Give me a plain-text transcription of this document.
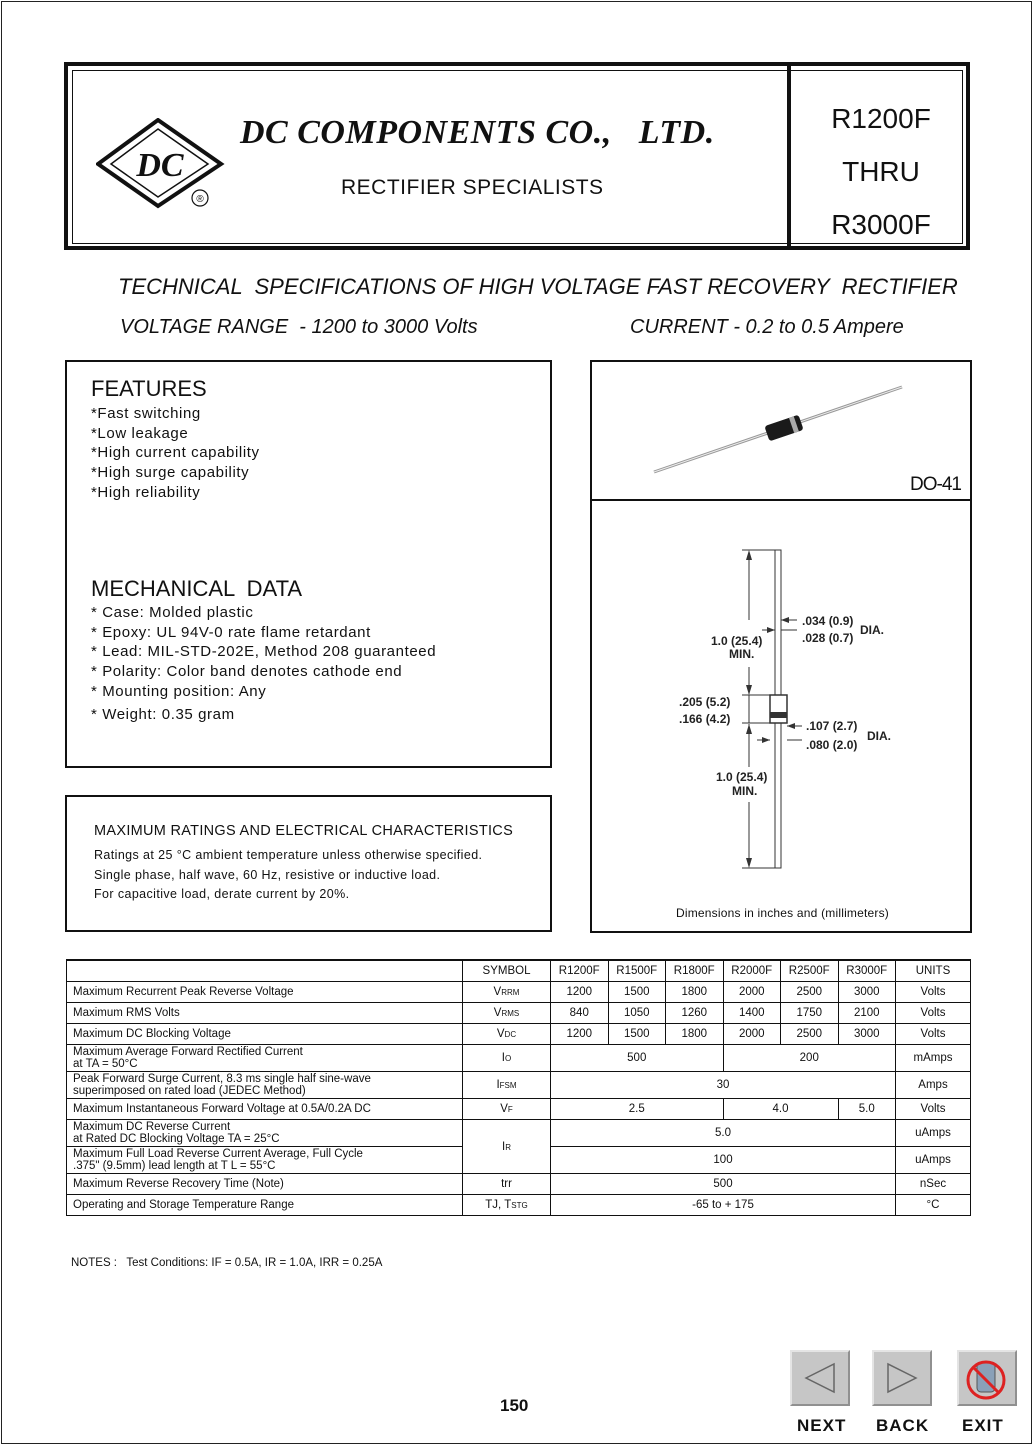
DC
®
DC COMPONENTS CO.,   LTD.
RECTIFIER SPECIALISTS
R1200F
THRU
R3000F
TECHNICAL  SPECIFICATIONS OF HIGH VOLTAGE FAST RECOVERY  RECTIFIER
VOLTAGE RANGE  - 1200 to 3000 Volts	CURRENT - 0.2 to 0.5 Ampere
FEATURES
*Fast switching
*Low leakage
*High current capability
*High surge capability
*High reliability
MECHANICAL  DATA
* Case: Molded plastic
* Epoxy: UL 94V-0 rate flame retardant
* Lead: MIL-STD-202E, Method 208 guaranteed
* Polarity: Color band denotes cathode end
* Mounting position: Any
* Weight: 0.35 gram
MAXIMUM RATINGS AND ELECTRICAL CHARACTERISTICS
Ratings at 25 °C ambient temperature unless otherwise specified.
Single phase, half wave, 60 Hz, resistive or inductive load.
For capacitive load, derate current by 20%.
DO-41
1.0 (25.4)
MIN.
.034 (0.9)
.028 (0.7)
DIA.
.205 (5.2)
.166 (4.2)	.107 (2.7)
.080 (2.0)
DIA.
1.0 (25.4)
MIN.
Dimensions in inches and (millimeters)
	SYMBOL	R1200F	R1500F	R1800F	R2000F	R2500F	R3000F	UNITS
Maximum Recurrent Peak Reverse Voltage	VRRM	1200	1500	1800	2000	2500	3000	Volts
Maximum RMS Volts	VRMS	840	1050	1260	1400	1750	2100	Volts
Maximum DC Blocking Voltage	VDC	1200	1500	1800	2000	2500	3000	Volts

Maximum Average Forward Rectified Current
at TA = 50°C	IO	500			200			mAmps

Peak Forward Surge Current, 8.3 ms single half sine-wave
superimposed on rated load (JEDEC Method)	IFSM	30						Amps
Maximum Instantaneous Forward Voltage at 0.5A/0.2A DC	VF	2.5			4.0		5.0	Volts

Maximum DC Reverse Current
at Rated DC Blocking Voltage TA = 25°C	IR	5.0						uAmps

Maximum Full Load Reverse Current Average, Full Cycle
.375" (9.5mm) lead length at T L = 55°C		100						uAmps
Maximum Reverse Recovery Time (Note)	trr	500						nSec
Operating and Storage Temperature Range	TJ, TSTG	-65 to + 175						°C
NOTES :   Test Conditions: IF = 0.5A, IR = 1.0A, IRR = 0.25A
150
NEXT BACK EXIT
